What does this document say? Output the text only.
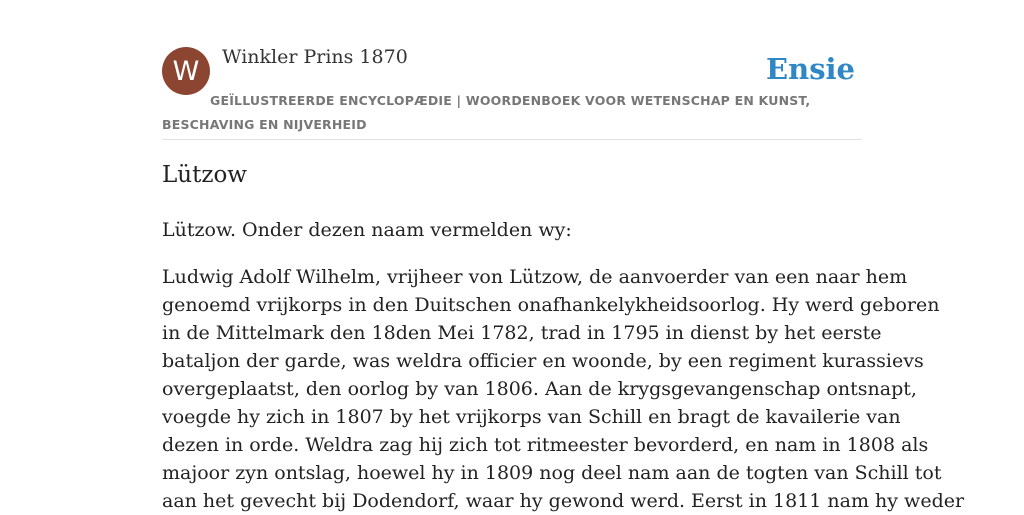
W Winkler Prins 1870	Ensie
GEÏLLUSTREERDE ENCYCLOPÆDIE | WOORDENBOEK VOOR WETENSCHAP EN KUNST, BESCHAVING EN NIJVERHEID
Lützow

Lützow. Onder dezen naam vermelden wy:

Ludwig Adolf Wilhelm, vrijheer von Lützow, de aanvoerder van een naar hem
genoemd vrijkorps in den Duitschen onafhankelykheidsoorlog. Hy werd geboren
in de Mittelmark den 18den Mei 1782, trad in 1795 in dienst by het eerste
bataljon der garde, was weldra officier en woonde, by een regiment kurassievs
overgeplaatst, den oorlog by van 1806. Aan de krygsgevangenschap ontsnapt,
voegde hy zich in 1807 by het vrijkorps van Schill en bragt de kavailerie van
dezen in orde. Weldra zag hij zich tot ritmeester bevorderd, en nam in 1808 als
majoor zyn ontslag, hoewel hy in 1809 nog deel nam aan de togten van Schill tot
aan het gevecht bij Dodendorf, waar hy gewond werd. Eerst in 1811 nam hy weder
